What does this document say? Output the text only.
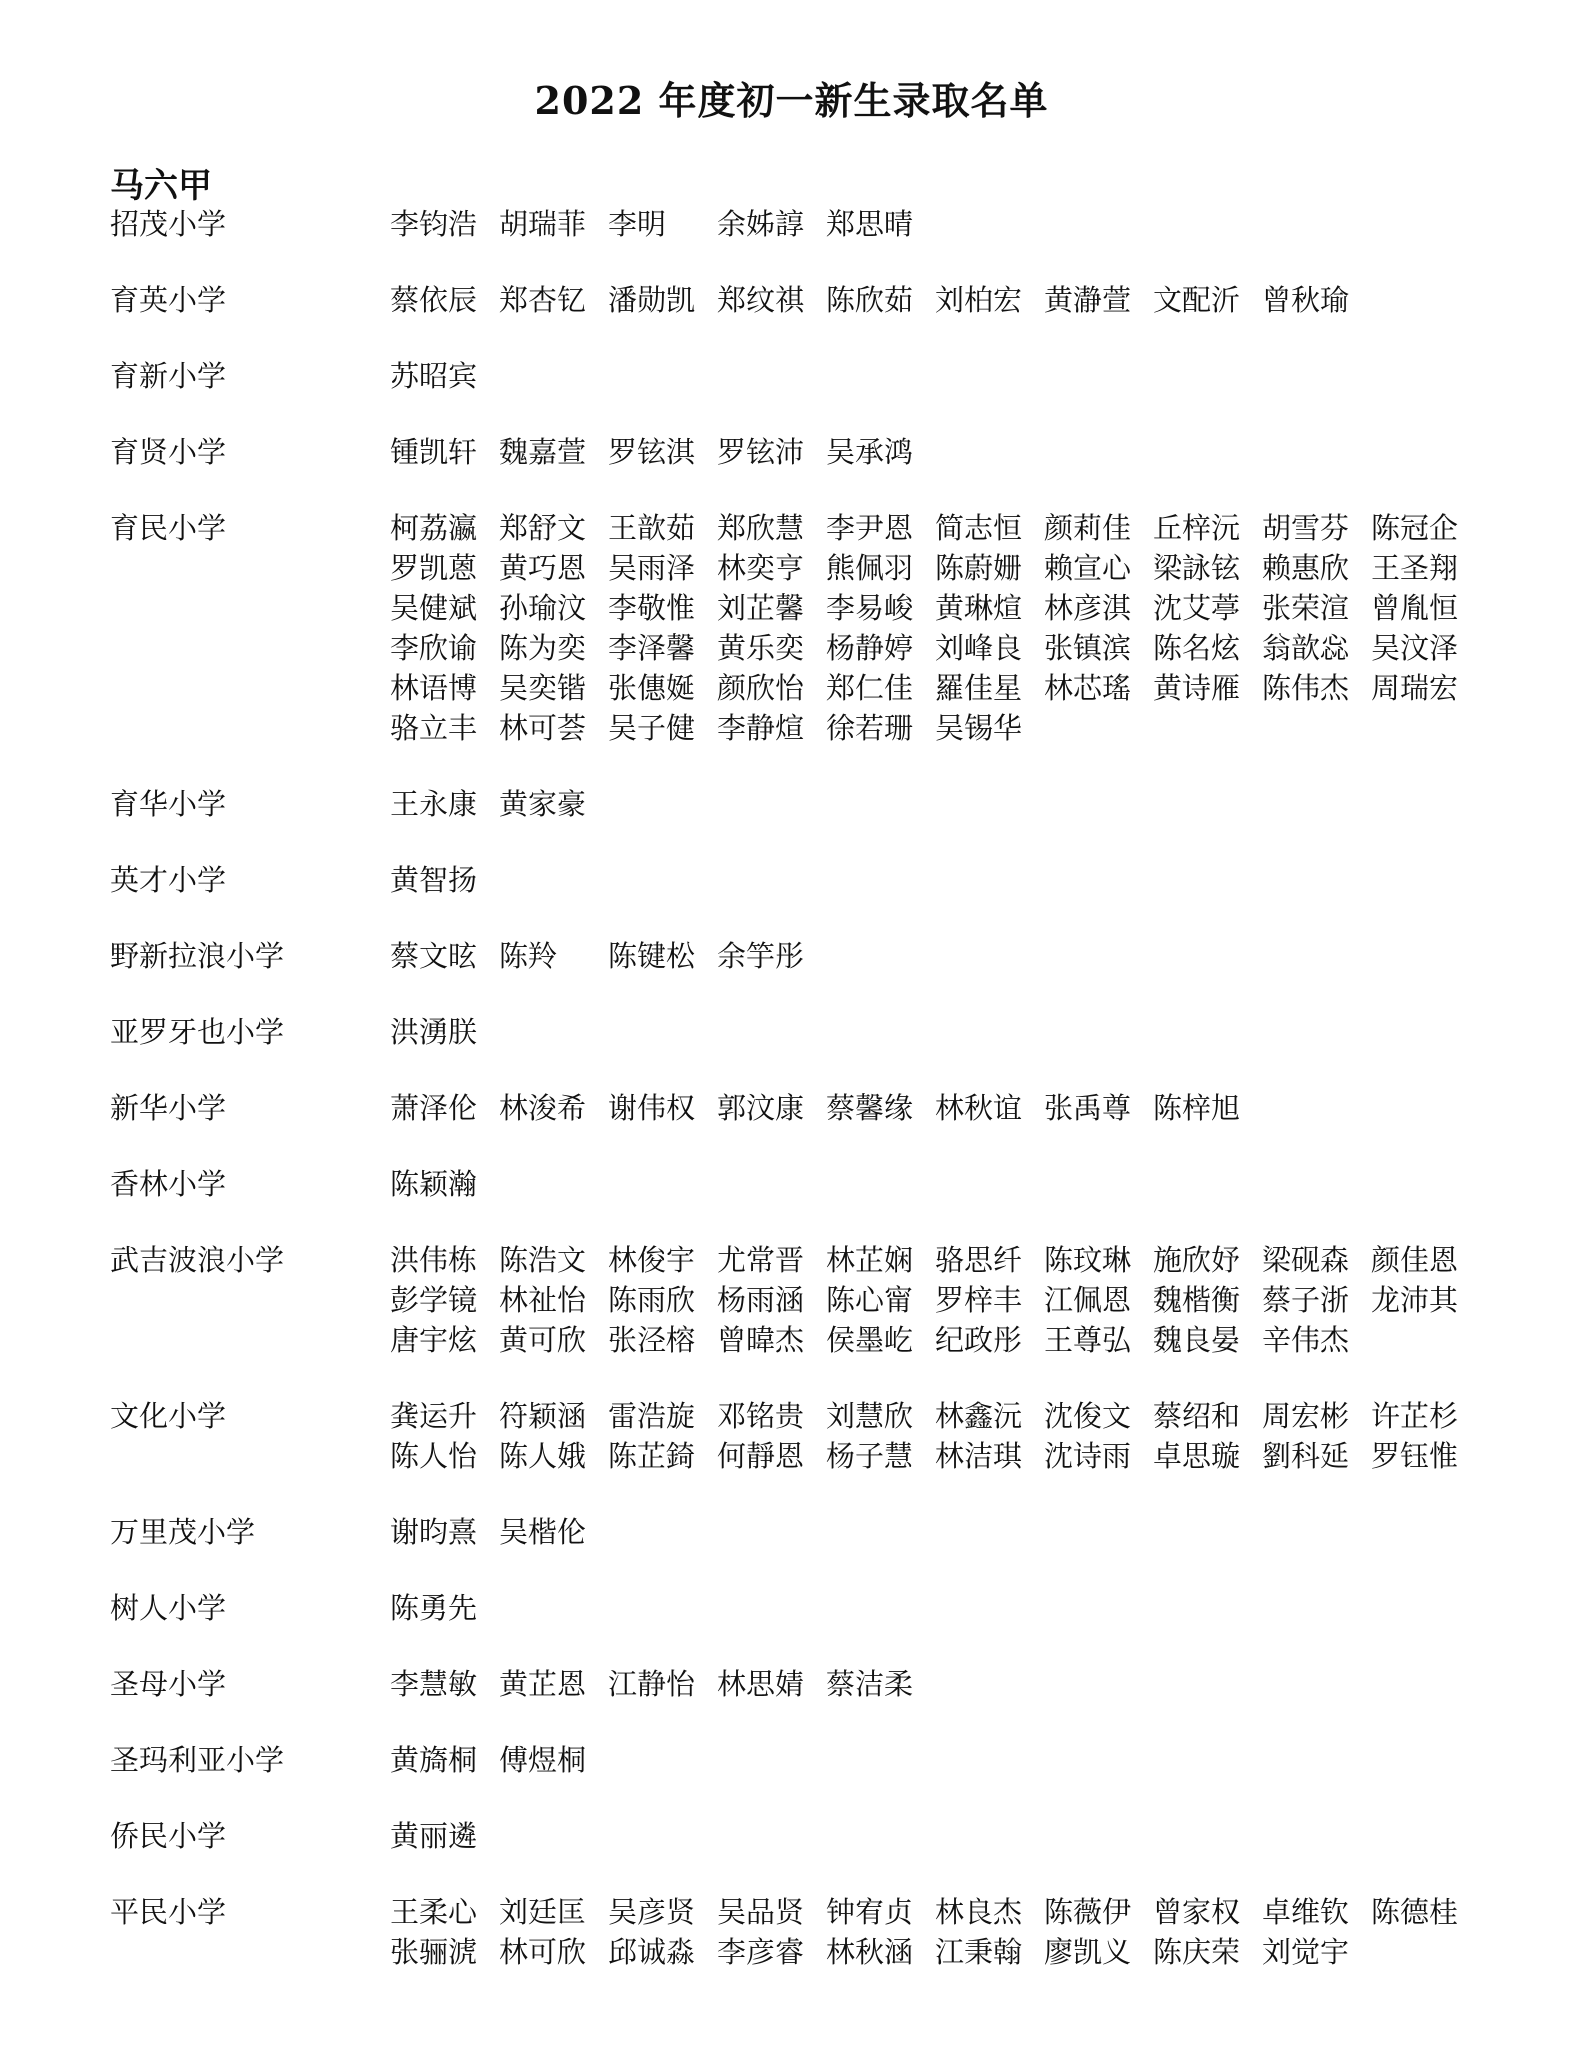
2022 年度初一新生录取名单
马六甲
招茂小学	李钧浩 胡瑞菲 李明	余姊諄 郑思晴
育英小学	蔡依辰 郑杏钇 潘勋凯 郑纹祺 陈欣茹 刘柏宏 黄瀞萱 文配沂 曾秋瑜
育新小学	苏昭宾
育贤小学	锺凯轩 魏嘉萱 罗铉淇 罗铉沛 吴承鸿
育民小学	柯荔瀛 郑舒文 王歆茹 郑欣慧 李尹恩 简志恒 颜莉佳 丘梓沅 胡雪芬 陈冠企
罗凯蒽 黄巧恩 吴雨泽 林奕亨 熊佩羽 陈蔚姗 赖宣心 梁詠铉 赖惠欣 王圣翔
吴健斌 孙瑜汶 李敬惟 刘芷馨 李易峻 黄琳煊 林彦淇 沈艾葶 张荣渲 曾胤恒
李欣谕 陈为奕 李泽馨 黄乐奕 杨静婷 刘峰良 张镇滨 陈名炫 翁歆惢 吴汶泽
林语博 吴奕锴 张僡娫 颜欣怡 郑仁佳 羅佳星 林芯瑤 黄诗雁 陈伟杰 周瑞宏
骆立丰 林可荟 吴子健 李静煊 徐若珊 吴锡华
育华小学	王永康 黄家豪
英才小学	黄智扬
野新拉浪小学	蔡文昡 陈羚	陈键松 余竽彤
亚罗牙也小学	洪湧朕
新华小学	萧泽伦 林浚希 谢伟权 郭汶康 蔡馨缘 林秋谊 张禹尊 陈梓旭
香林小学	陈颖瀚
武吉波浪小学	洪伟栋 陈浩文 林俊宇 尤常晋 林芷娴 骆思纤 陈玟琳 施欣妤 梁砚森 颜佳恩
彭学镜 林祉怡 陈雨欣 杨雨涵 陈心甯 罗梓丰 江佩恩 魏楷衡 蔡子浙 龙沛其
唐宇炫 黄可欣 张泾榕 曾暐杰 侯墨屹 纪政彤 王尊弘 魏良晏 辛伟杰
文化小学	龚运升 符颖涵 雷浩旋 邓铭贵 刘慧欣 林鑫沅 沈俊文 蔡绍和 周宏彬 许芷杉
陈人怡 陈人娥 陈芷錡 何靜恩 杨子慧 林洁琪 沈诗雨 卓思璇 劉科延 罗钰惟
万里茂小学	谢昀熹 吴楷伦
树人小学	陈勇先
圣母小学	李慧敏 黄芷恩 江静怡 林思婧 蔡洁柔
圣玛利亚小学	黄旖桐 傅煜桐
侨民小学	黄丽遴
平民小学	王柔心 刘廷匡 吴彦贤 吴品贤 钟宥贞 林良杰 陈薇伊 曾家权 卓维钦 陈德桂
张骊淲 林可欣 邱诚淼 李彦睿 林秋涵 江秉翰 廖凯义 陈庆荣 刘觉宇
